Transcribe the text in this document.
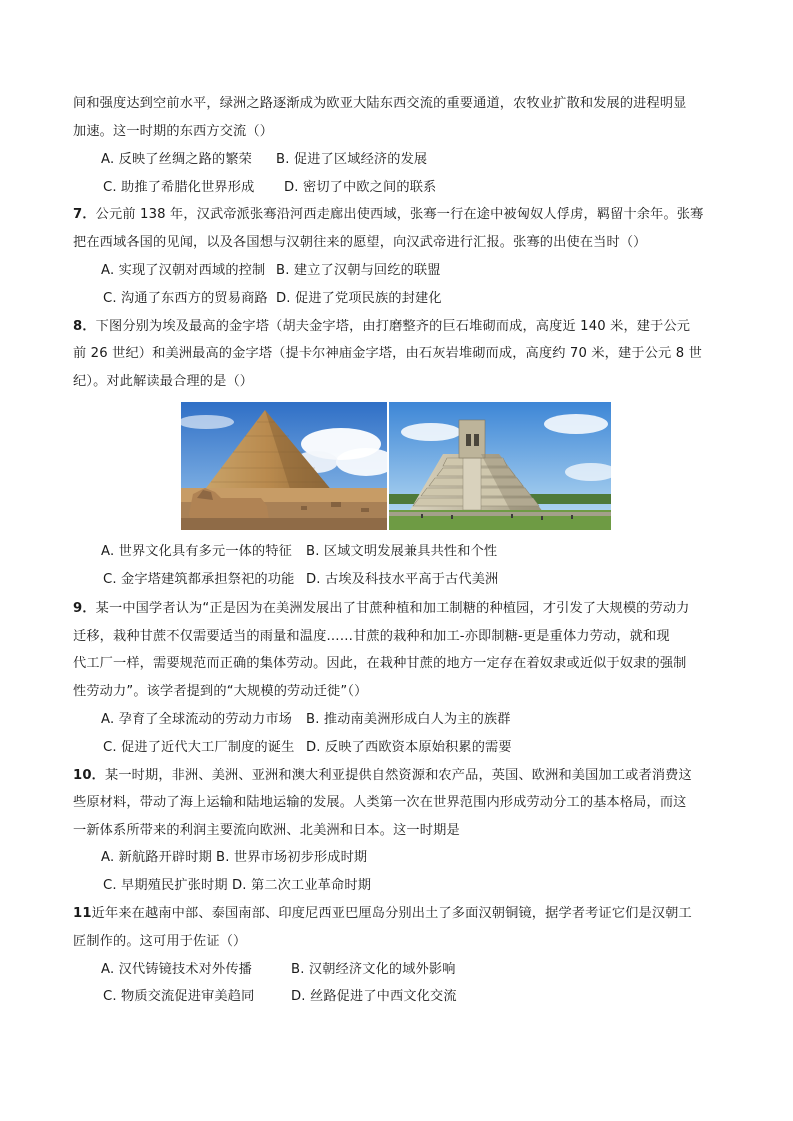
间和强度达到空前水平，绿洲之路逐渐成为欧亚大陆东西交流的重要通道，农牧业扩散和发展的进程明显
加速。这一时期的东西方交流（）
A. 反映了丝绸之路的繁荣 B. 促进了区域经济的发展
C. 助推了希腊化世界形成 D. 密切了中欧之间的联系
7．公元前 138 年，汉武帝派张骞沿河西走廊出使西域，张骞一行在途中被匈奴人俘虏，羁留十余年。张骞
把在西域各国的见闻，以及各国想与汉朝往来的愿望，向汉武帝进行汇报。张骞的出使在当时（）
A. 实现了汉朝对西域的控制 B. 建立了汉朝与回纥的联盟
C. 沟通了东西方的贸易商路 D. 促进了党项民族的封建化
8．下图分别为埃及最高的金字塔（胡夫金字塔，由打磨整齐的巨石堆砌而成，高度近 140 米，建于公元
前 26 世纪）和美洲最高的金字塔（提卡尔神庙金字塔，由石灰岩堆砌而成，高度约 70 米，建于公元 8 世
纪）。对此解读最合理的是（）
A. 世界文化具有多元一体的特征 B. 区域文明发展兼具共性和个性
C. 金字塔建筑都承担祭祀的功能 D. 古埃及科技水平高于古代美洲
9．某一中国学者认为“正是因为在美洲发展出了甘蔗种植和加工制糖的种植园，才引发了大规模的劳动力
迁移，栽种甘蔗不仅需要适当的雨量和温度……甘蔗的栽种和加工-亦即制糖-更是重体力劳动，就和现
代工厂一样，需要规范而正确的集体劳动。因此，在栽种甘蔗的地方一定存在着奴隶或近似于奴隶的强制
性劳动力”。该学者提到的“大规模的劳动迁徙”（）
A. 孕育了全球流动的劳动力市场 B. 推动南美洲形成白人为主的族群
C. 促进了近代大工厂制度的诞生 D. 反映了西欧资本原始积累的需要
10．某一时期，非洲、美洲、亚洲和澳大利亚提供自然资源和农产品，英国、欧洲和美国加工或者消费这
些原材料，带动了海上运输和陆地运输的发展。人类第一次在世界范围内形成劳动分工的基本格局，而这
一新体系所带来的利润主要流向欧洲、北美洲和日本。这一时期是
A. 新航路开辟时期 B. 世界市场初步形成时期
C. 早期殖民扩张时期 D. 第二次工业革命时期
11近年来在越南中部、泰国南部、印度尼西亚巴厘岛分别出土了多面汉朝铜镜，据学者考证它们是汉朝工
匠制作的。这可用于佐证（）
A. 汉代铸镜技术对外传播	B. 汉朝经济文化的域外影响
C. 物质交流促进审美趋同	D. 丝路促进了中西文化交流
